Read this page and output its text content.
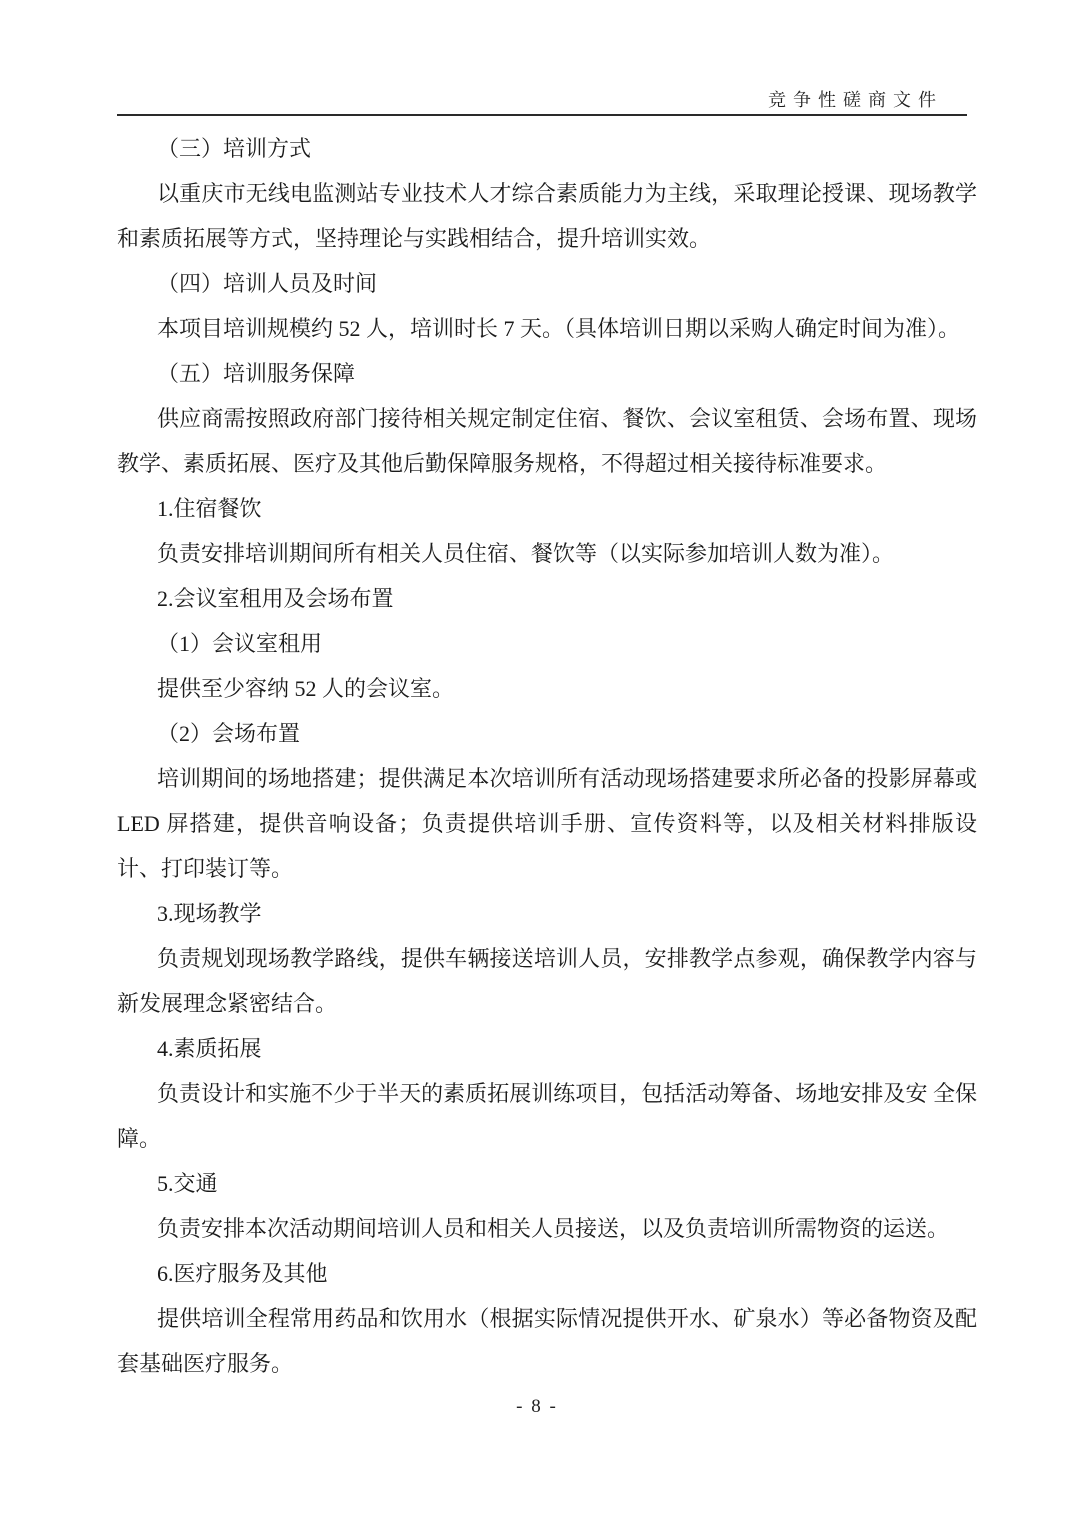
竞争性磋商文件

（三）培训方式

以重庆市无线电监测站专业技术人才综合素质能力为主线，采取理论授课、现场教学和素质拓展等方式，坚持理论与实践相结合，提升培训实效。

（四）培训人员及时间

本项目培训规模约 52 人，培训时长 7 天。（具体培训日期以采购人确定时间为准）。

（五）培训服务保障

供应商需按照政府部门接待相关规定制定住宿、餐饮、会议室租赁、会场布置、现场教学、素质拓展、医疗及其他后勤保障服务规格，不得超过相关接待标准要求。

1.住宿餐饮

负责安排培训期间所有相关人员住宿、餐饮等（以实际参加培训人数为准）。

2.会议室租用及会场布置

（1）会议室租用

提供至少容纳 52 人的会议室。

（2）会场布置

培训期间的场地搭建；提供满足本次培训所有活动现场搭建要求所必备的投影屏幕或 LED 屏搭建，提供音响设备；负责提供培训手册、宣传资料等，以及相关材料排版设计、打印装订等。

3.现场教学

负责规划现场教学路线，提供车辆接送培训人员，安排教学点参观，确保教学内容与新发展理念紧密结合。

4.素质拓展

负责设计和实施不少于半天的素质拓展训练项目，包括活动筹备、场地安排及安 全保障。

5.交通

负责安排本次活动期间培训人员和相关人员接送，以及负责培训所需物资的运送。

6.医疗服务及其他

提供培训全程常用药品和饮用水（根据实际情况提供开水、矿泉水）等必备物资及配套基础医疗服务。

- 8 -
